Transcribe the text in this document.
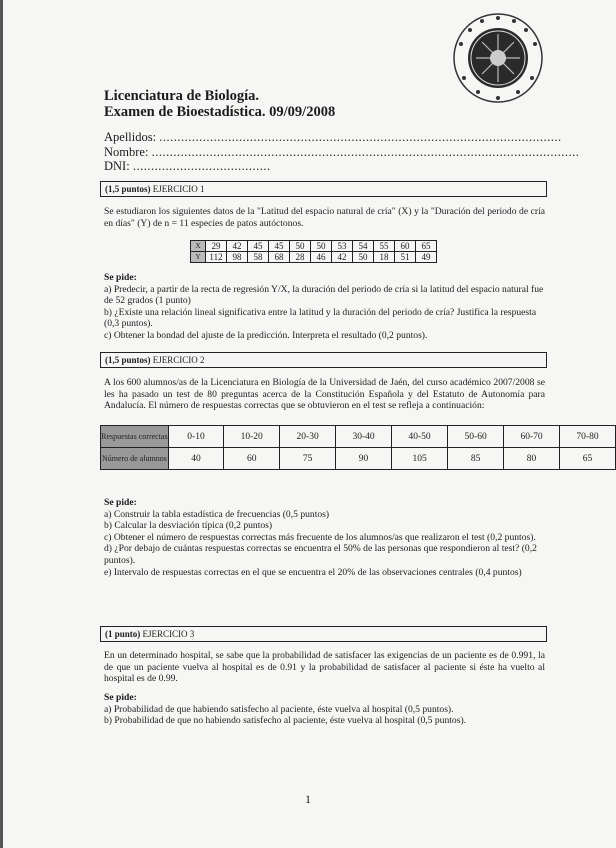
Licenciatura de Biología.
Examen de Bioestadística. 09/09/2008
Apellidos: ...............................................................................................................
Nombre: ......................................................................................................................
DNI: ......................................
(1,5 puntos) EJERCICIO 1
Se estudiaron los siguientes datos de la "Latitud del espacio natural de cría" (X) y la "Duración del periodo de cría en días" (Y) de n = 11 especies de patos autóctonos.
X	29	42	45	45	50	50	53	54	55	60	65
Y	112	98	58	68	28	46	42	50	18	51	49
Se pide:
a) Predecir, a partir de la recta de regresión Y/X, la duración del periodo de cría si la latitud del espacio natural fue de 52 grados (1 punto)
b) ¿Existe una relación lineal significativa entre la latitud y la duración del periodo de cría? Justifica la respuesta (0,3 puntos).
c) Obtener la bondad del ajuste de la predicción. Interpreta el resultado (0,2 puntos).
(1,5 puntos) EJERCICIO 2
A los 600 alumnos/as de la Licenciatura en Biología de la Universidad de Jaén, del curso académico 2007/2008 se les ha pasado un test de 80 preguntas acerca de la Constitución Española y del Estatuto de Autonomía para Andalucía. El número de respuestas correctas que se obtuvieron en el test se refleja a continuación:
Respuestas correctas	0-10	10-20	20-30	30-40	40-50	50-60	60-70	70-80
Número de alumnos	40	60	75	90	105	85	80	65
Se pide:
a) Construir la tabla estadística de frecuencias (0,5 puntos)
b) Calcular la desviación típica (0,2 puntos)
c) Obtener el número de respuestas correctas más frecuente de los alumnos/as que realizaron el test (0,2 puntos).
d) ¿Por debajo de cuántas respuestas correctas se encuentra el 50% de las personas que respondieron al test? (0,2 puntos).
e) Intervalo de respuestas correctas en el que se encuentra el 20% de las observaciones centrales (0,4 puntos)
(1 punto) EJERCICIO 3
En un determinado hospital, se sabe que la probabilidad de satisfacer las exigencias de un paciente es de 0.991, la de que un paciente vuelva al hospital es de 0.91 y la probabilidad de satisfacer al paciente si éste ha vuelto al hospital es de 0.99.
Se pide:
a) Probabilidad de que habiendo satisfecho al paciente, éste vuelva al hospital (0,5 puntos).
b) Probabilidad de que no habiendo satisfecho al paciente, éste vuelva al hospital (0,5 puntos).
1
